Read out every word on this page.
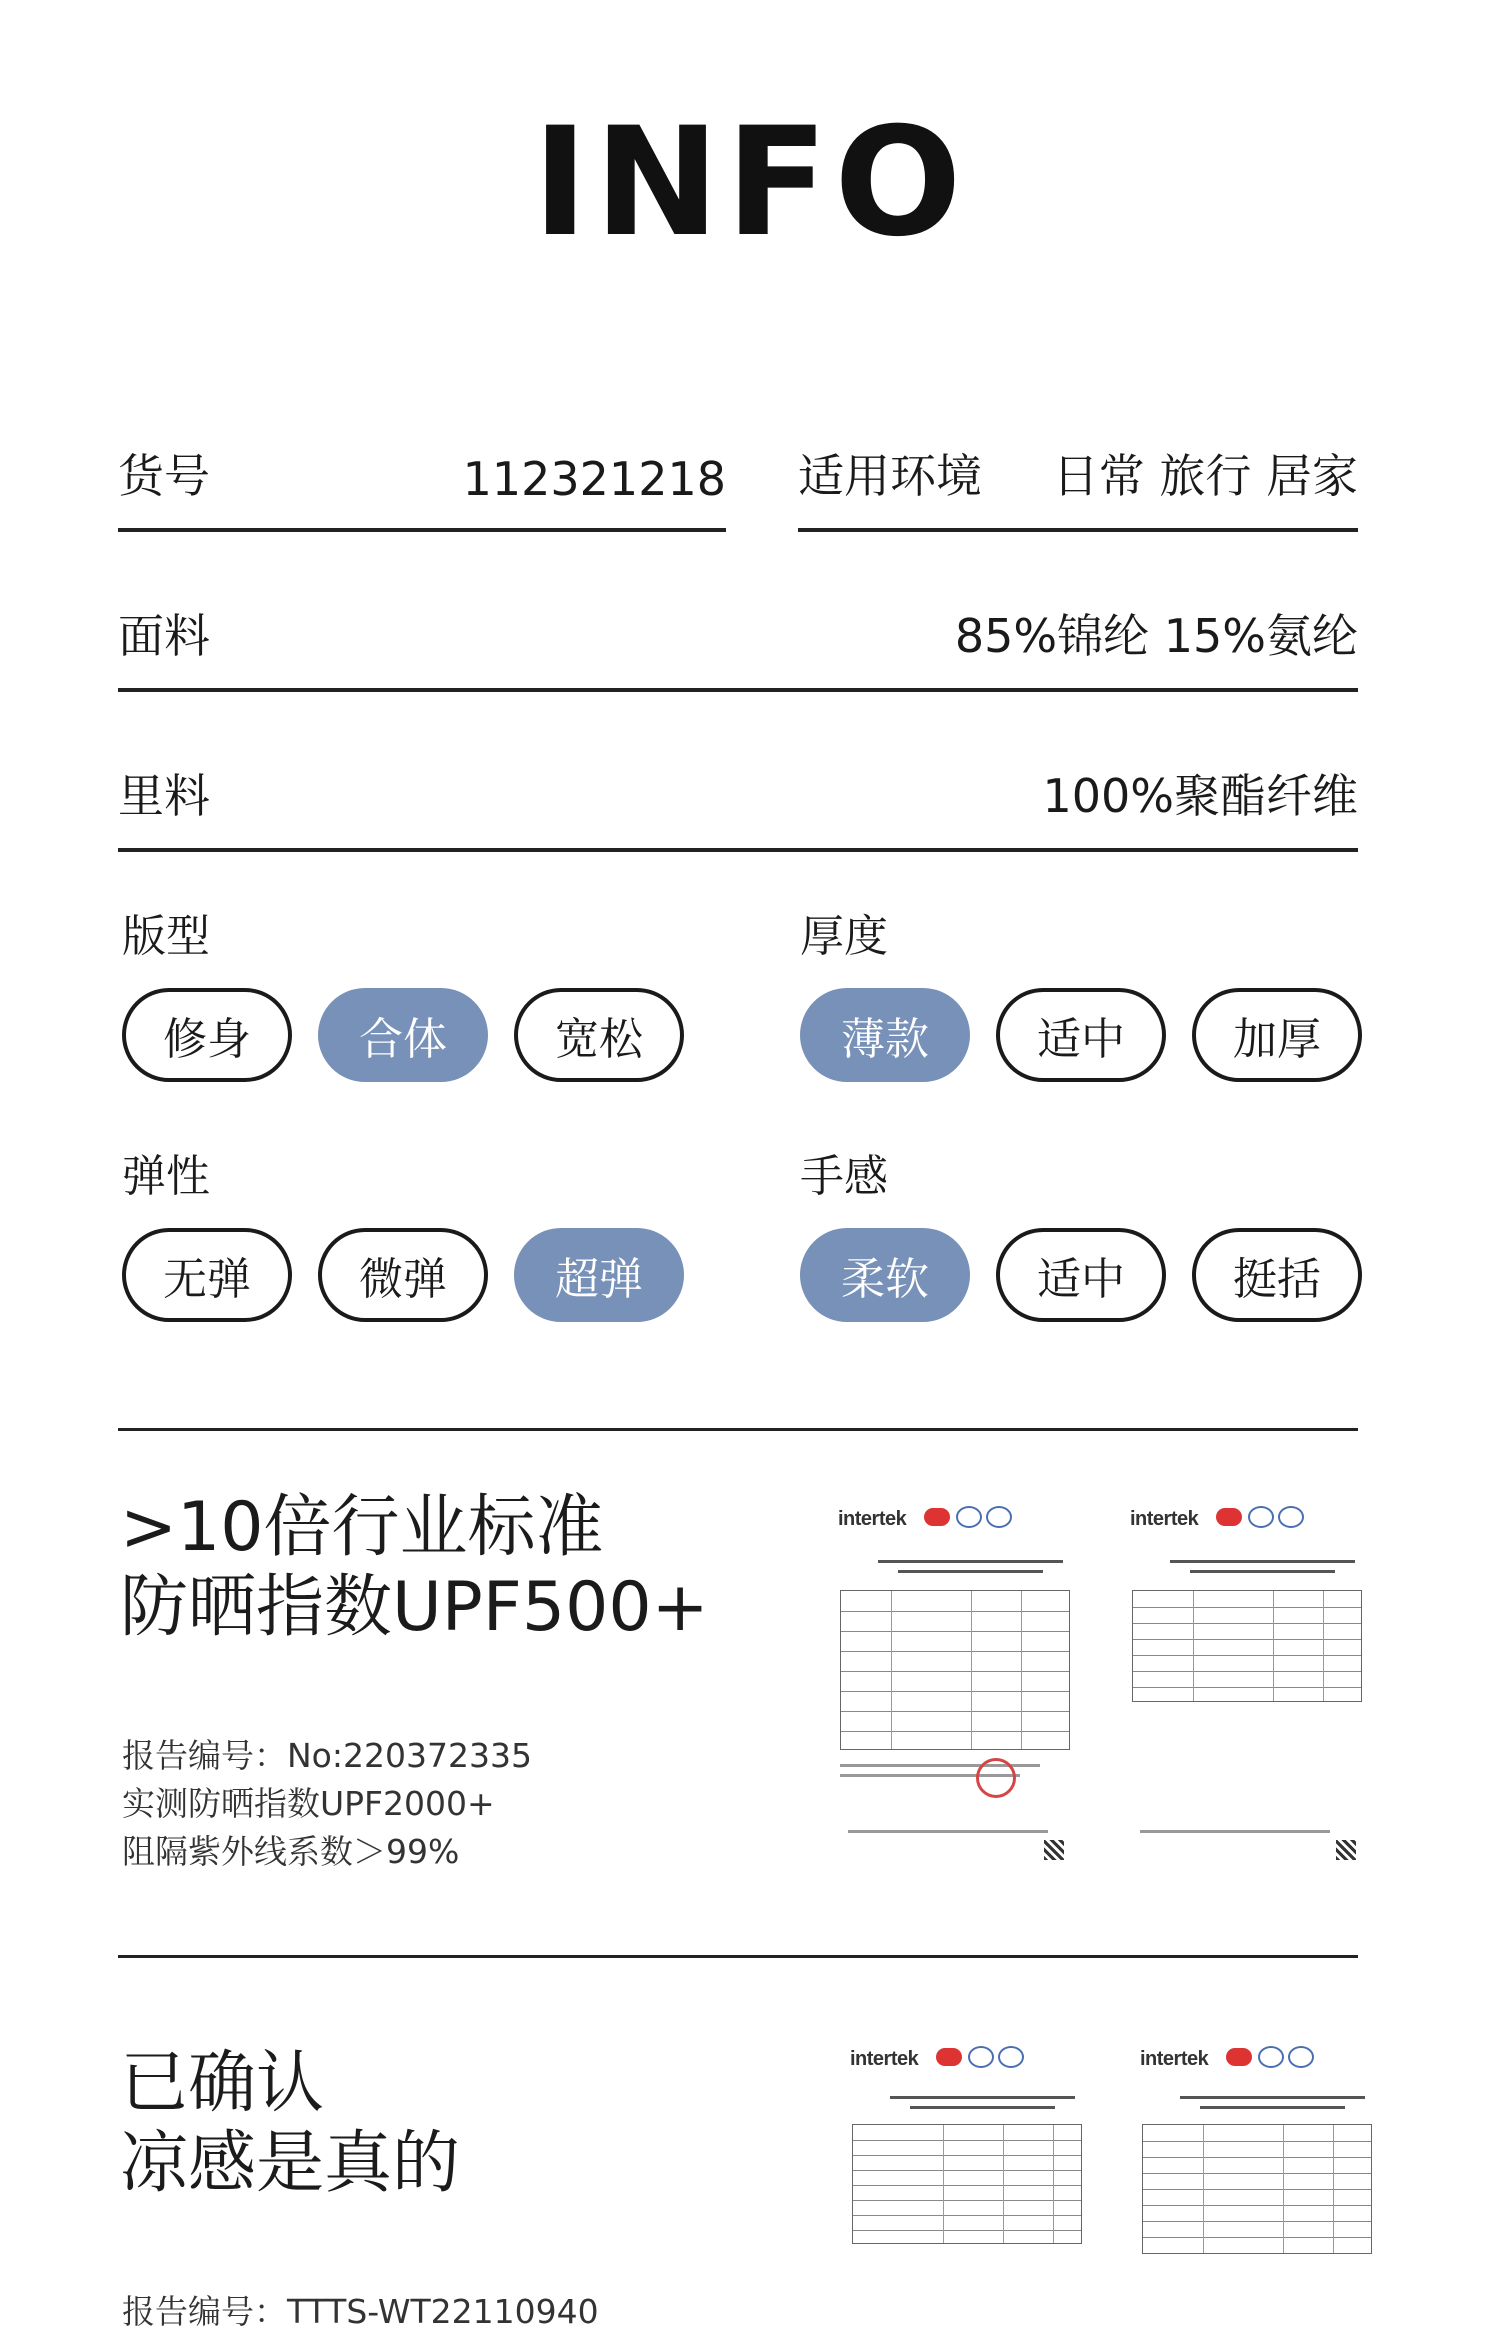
INFO
货号	112321218 适用环境 日常 旅行 居家
面料	85%锦纶 15%氨纶
里料	100%聚酯纤维
版型
修身	合体	宽松
厚度
薄款	适中	加厚
弹性
无弹	微弹	超弹
手感
柔软	适中	挺括
>10倍行业标准
防晒指数UPF500+
报告编号：No:220372335
实测防晒指数UPF2000+
阻隔紫外线系数＞99%
intertek	intertek
已确认
凉感是真的
报告编号：TTTS-WT22110940
intertek	intertek
